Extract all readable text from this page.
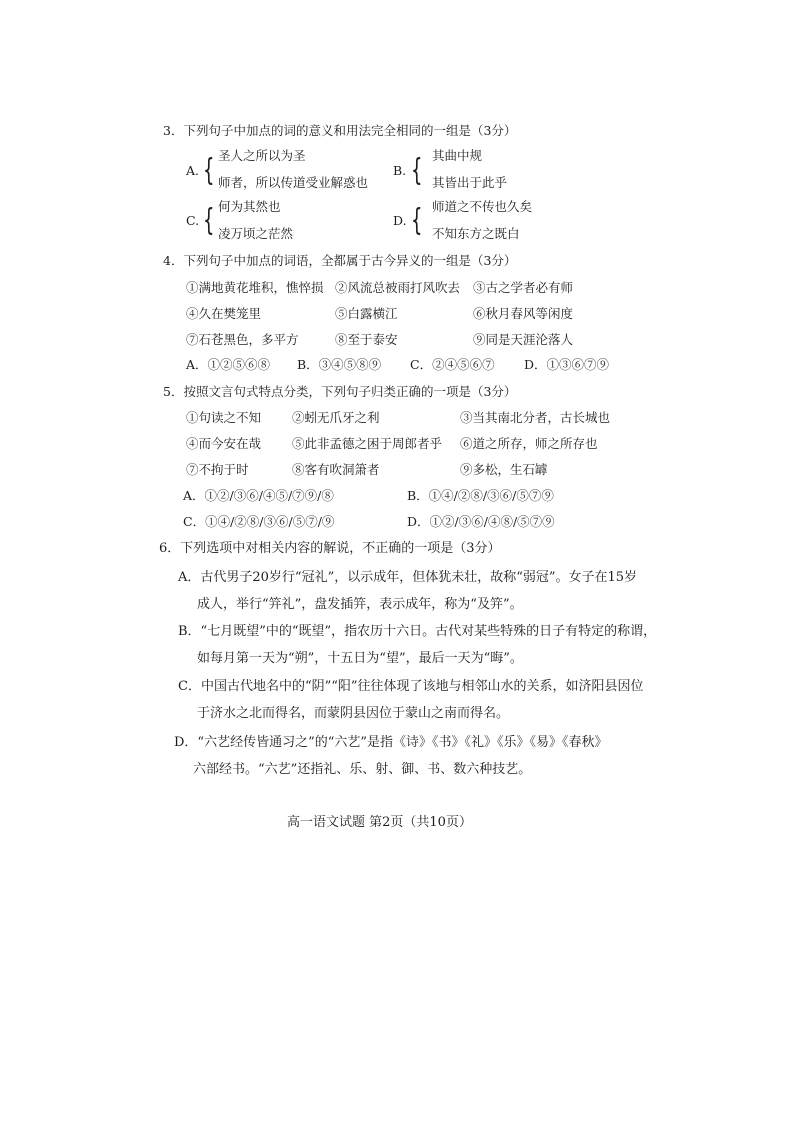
3．下列句子中加点的词的意义和用法完全相同的一组是（3分）
A. { 圣人之所以为圣
师者，所以传道受业解惑也
B. { 其曲中规
其皆出于此乎
C. { 何为其然也
凌万顷之茫然
D. { 师道之不传也久矣
不知东方之既白
4．下列句子中加点的词语，全都属于古今异义的一组是（3分）
①满地黄花堆积，憔悴损 ②风流总被雨打风吹去 ③古之学者必有师
④久在樊笼里	⑤白露横江	⑥秋月春风等闲度
⑦石苍黑色，多平方	⑧至于泰安	⑨同是天涯沦落人
A．①②⑤⑥⑧ B．③④⑤⑧⑨ C．②④⑤⑥⑦ D．①③⑥⑦⑨
5．按照文言句式特点分类，下列句子归类正确的一项是（3分）
①句读之不知 ②蚓无爪牙之利	③当其南北分者，古长城也
④而今安在哉 ⑤此非孟德之困于周郎者乎 ⑥道之所存，师之所存也
⑦不拘于时	⑧客有吹洞箫者	⑨多松，生石罅
A．①②/③⑥/④⑤/⑦⑨/⑧	B．①④/②⑧/③⑥/⑤⑦⑨
C．①④/②⑧/③⑥/⑤⑦/⑨	D．①②/③⑥/④⑧/⑤⑦⑨
6．下列选项中对相关内容的解说，不正确的一项是（3分）
A．古代男子20岁行“冠礼”，以示成年，但体犹未壮，故称“弱冠”。女子在15岁
成人，举行“笄礼”，盘发插笄，表示成年，称为“及笄”。
B．“七月既望”中的“既望”，指农历十六日。古代对某些特殊的日子有特定的称谓，
如每月第一天为“朔”，十五日为“望”，最后一天为“晦”。
C．中国古代地名中的“阴”“阳”往往体现了该地与相邻山水的关系，如济阳县因位
于济水之北而得名，而蒙阴县因位于蒙山之南而得名。
D．“六艺经传皆通习之”的“六艺”是指《诗》《书》《礼》《乐》《易》《春秋》
六部经书。“六艺”还指礼、乐、射、御、书、数六种技艺。
高一语文试题 第2页（共10页）
